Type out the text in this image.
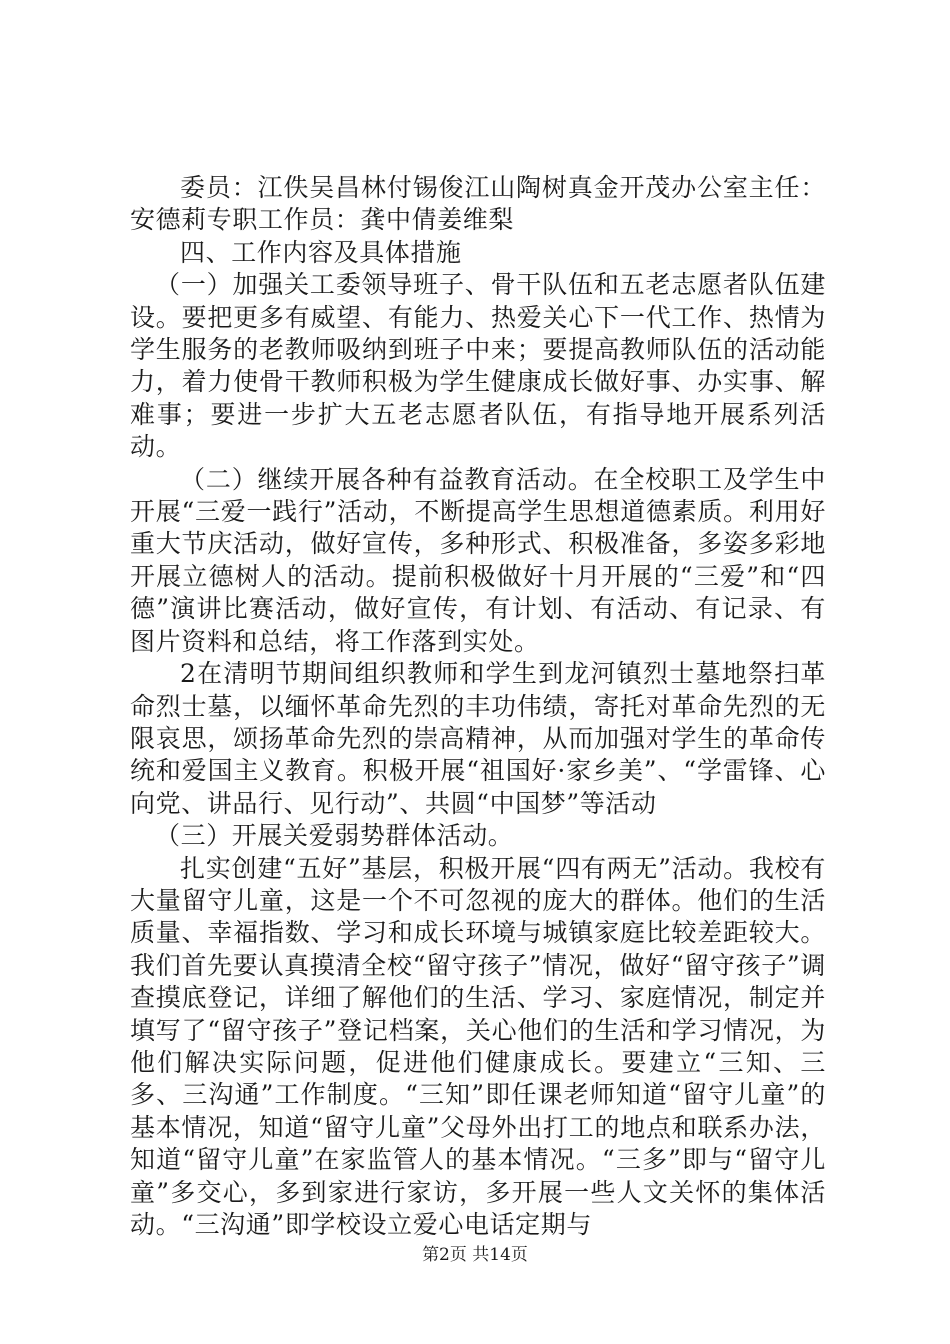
委员：江佚吴昌林付锡俊江山陶树真金开茂办公室主任：安德莉专职工作员：龚中倩姜维梨

四、工作内容及具体措施

（一）加强关工委领导班子、骨干队伍和五老志愿者队伍建设。要把更多有威望、有能力、热爱关心下一代工作、热情为学生服务的老教师吸纳到班子中来；要提高教师队伍的活动能力，着力使骨干教师积极为学生健康成长做好事、办实事、解难事；要进一步扩大五老志愿者队伍，有指导地开展系列活动。

（二）继续开展各种有益教育活动。在全校职工及学生中开展“三爱一践行”活动，不断提高学生思想道德素质。利用好重大节庆活动，做好宣传，多种形式、积极准备，多姿多彩地开展立德树人的活动。提前积极做好十月开展的“三爱”和“四德”演讲比赛活动，做好宣传，有计划、有活动、有记录、有图片资料和总结，将工作落到实处。

2在清明节期间组织教师和学生到龙河镇烈士墓地祭扫革命烈士墓，以缅怀革命先烈的丰功伟绩，寄托对革命先烈的无限哀思，颂扬革命先烈的崇高精神，从而加强对学生的革命传统和爱国主义教育。积极开展“祖国好·家乡美”、“学雷锋、心向党、讲品行、见行动”、共圆“中国梦”等活动

（三）开展关爱弱势群体活动。

扎实创建“五好”基层，积极开展“四有两无”活动。我校有大量留守儿童，这是一个不可忽视的庞大的群体。他们的生活质量、幸福指数、学习和成长环境与城镇家庭比较差距较大。我们首先要认真摸清全校“留守孩子”情况，做好“留守孩子”调查摸底登记，详细了解他们的生活、学习、家庭情况，制定并填写了“留守孩子”登记档案，关心他们的生活和学习情况，为他们解决实际问题，促进他们健康成长。要建立“三知、三多、三沟通”工作制度。“三知”即任课老师知道“留守儿童”的基本情况，知道“留守儿童”父母外出打工的地点和联系办法，知道“留守儿童”在家监管人的基本情况。“三多”即与“留守儿童”多交心，多到家进行家访，多开展一些人文关怀的集体活动。“三沟通”即学校设立爱心电话定期与

第2页 共14页
